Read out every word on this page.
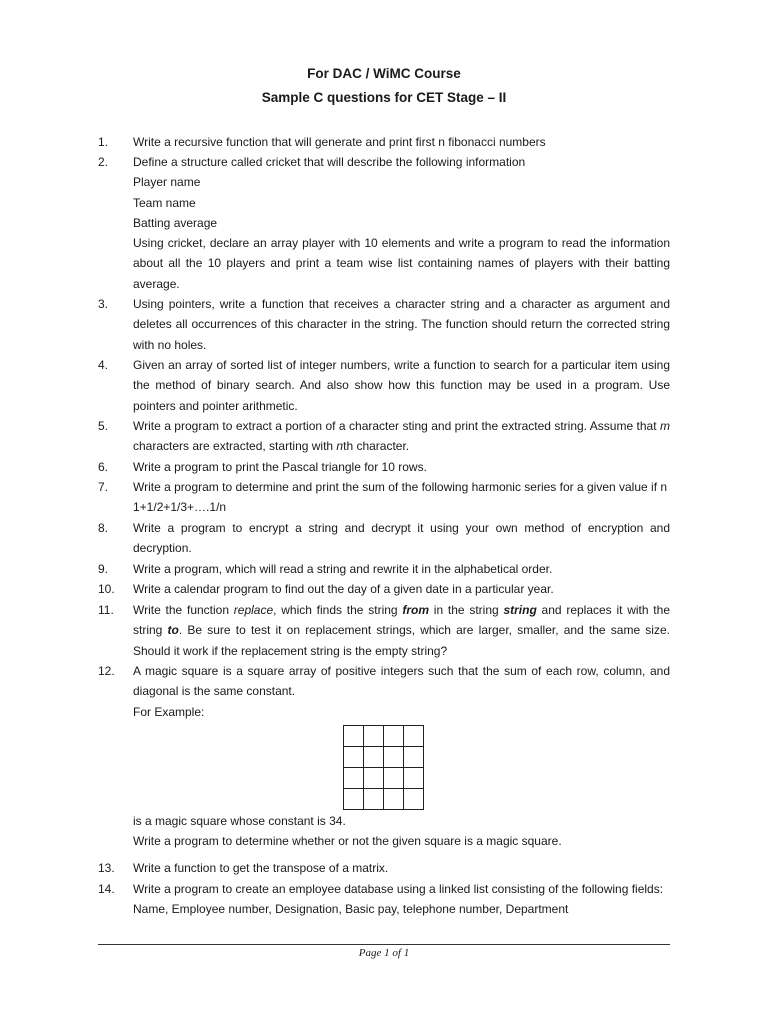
For DAC / WiMC Course
Sample C questions for CET Stage – II
1.	Write a recursive function that will generate and print first n fibonacci numbers
2.	Define a structure called cricket that will describe the following information
Player name
Team name
Batting average
Using cricket, declare an array player with 10 elements and write a program to read the information about all the 10 players and print a team wise list containing names of players with their batting average.
3.	Using pointers, write a function that receives a character string and a character as argument and deletes all occurrences of this character in the string. The function should return the corrected string with no holes.
4.	Given an array of sorted list of integer numbers, write a function to search for a particular item using the method of binary search. And also show how this function may be used in a program. Use pointers and pointer arithmetic.
5.	Write a program to extract a portion of a character sting and print the extracted string. Assume that m characters are extracted, starting with nth character.
6.	Write a program to print the Pascal triangle for 10 rows.
7.	Write a program to determine and print the sum of the following harmonic series for a given value if n
1+1/2+1/3+….1/n
8.	Write a program to encrypt a string and decrypt it using your own method of encryption and decryption.
9.	Write a program, which will read a string and rewrite it in the alphabetical order.
10.	Write a calendar program to find out the day of a given date in a particular year.
11.	Write the function replace, which finds the string from in the string string and replaces it with the string to. Be sure to test it on replacement strings, which are larger, smaller, and the same size. Should it work if the replacement string is the empty string?
12.	A magic square is a square array of positive integers such that the sum of each row, column, and diagonal is the same constant.
For Example:

is a magic square whose constant is 34.
Write a program to determine whether or not the given square is a magic square.
13.	Write a function to get the transpose of a matrix.
14.	Write a program to create an employee database using a linked list consisting of the following fields:
Name, Employee number, Designation, Basic pay, telephone number, Department
Page 1 of 1
